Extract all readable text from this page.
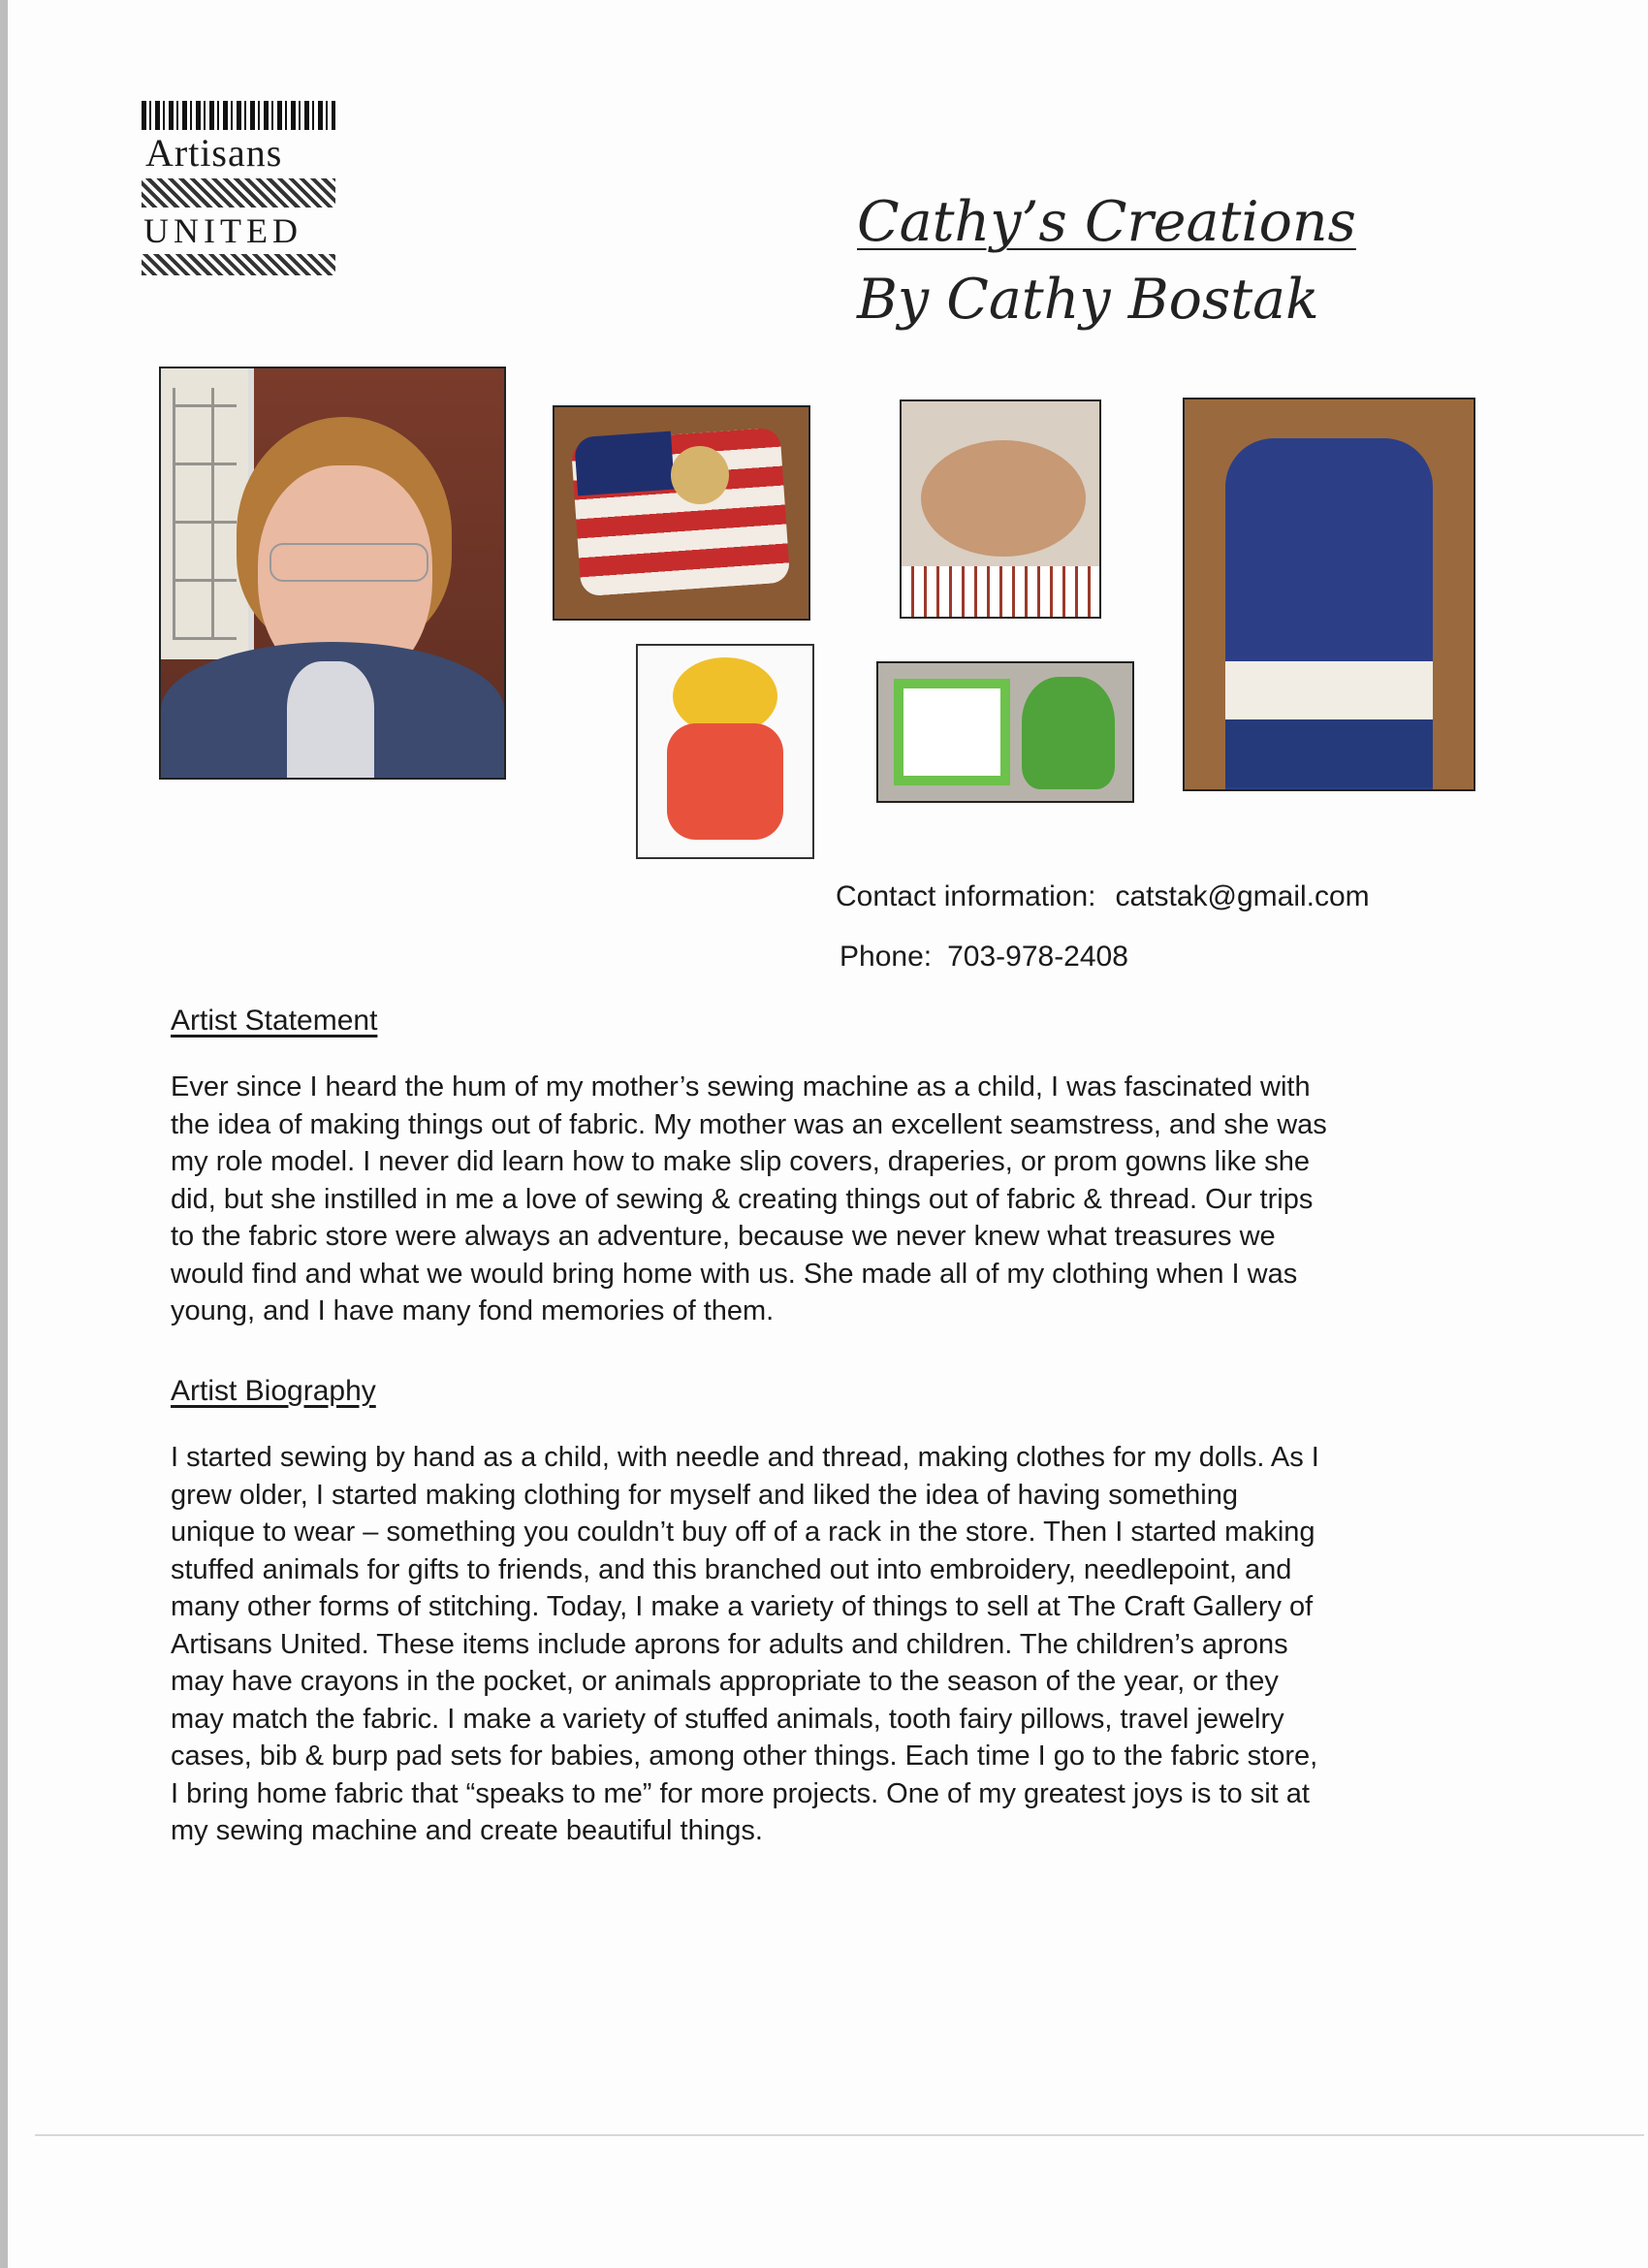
Artisans
UNITED	Cathy’s Creations
By Cathy Bostak
Contact information: catstak@gmail.com
Phone: 703-978-2408
Artist Statement
Ever since I heard the hum of my mother’s sewing machine as a child, I was fascinated with
the idea of making things out of fabric. My mother was an excellent seamstress, and she was
my role model. I never did learn how to make slip covers, draperies, or prom gowns like she
did, but she instilled in me a love of sewing & creating things out of fabric & thread. Our trips
to the fabric store were always an adventure, because we never knew what treasures we
would find and what we would bring home with us. She made all of my clothing when I was
young, and I have many fond memories of them.
Artist Biography
I started sewing by hand as a child, with needle and thread, making clothes for my dolls. As I
grew older, I started making clothing for myself and liked the idea of having something
unique to wear – something you couldn’t buy off of a rack in the store. Then I started making
stuffed animals for gifts to friends, and this branched out into embroidery, needlepoint, and
many other forms of stitching. Today, I make a variety of things to sell at The Craft Gallery of
Artisans United. These items include aprons for adults and children. The children’s aprons
may have crayons in the pocket, or animals appropriate to the season of the year, or they
may match the fabric. I make a variety of stuffed animals, tooth fairy pillows, travel jewelry
cases, bib & burp pad sets for babies, among other things. Each time I go to the fabric store,
I bring home fabric that “speaks to me” for more projects. One of my greatest joys is to sit at
my sewing machine and create beautiful things.
